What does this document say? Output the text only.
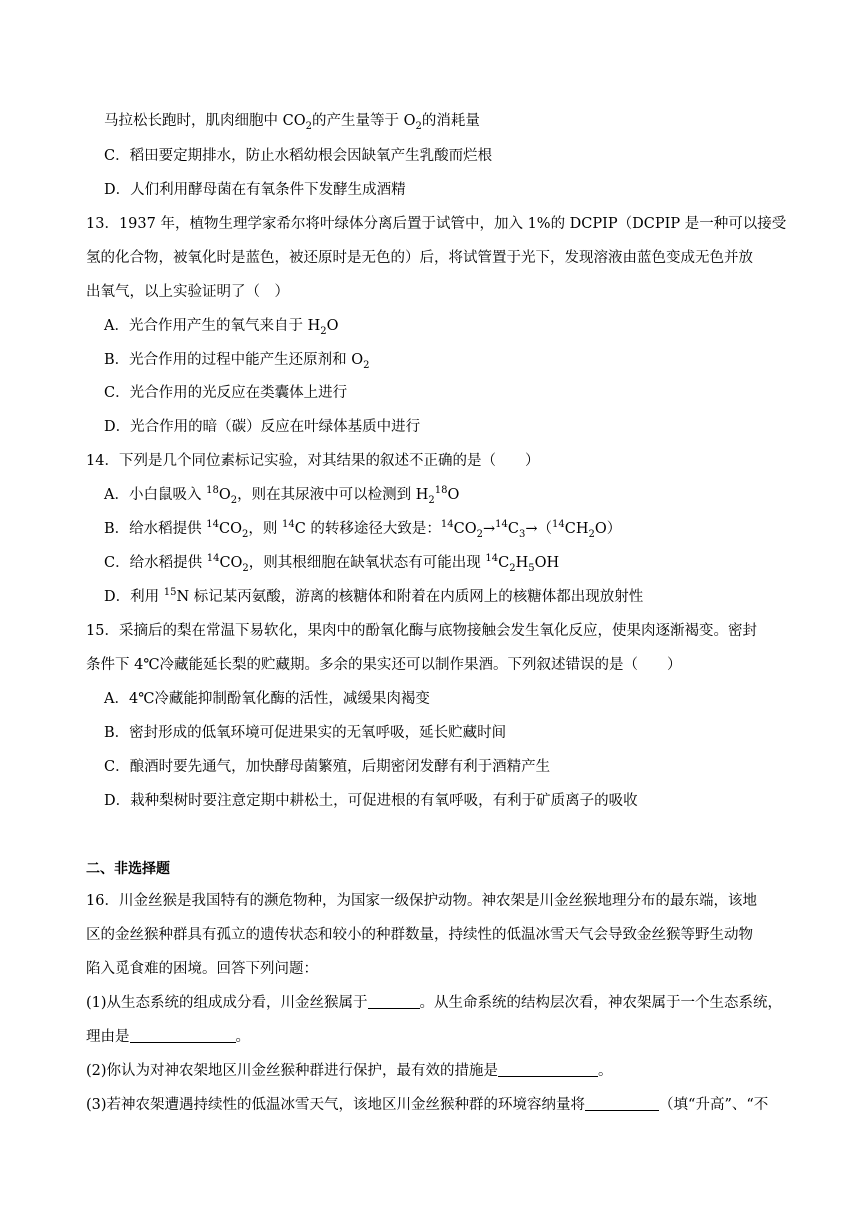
马拉松长跑时，肌肉细胞中 $CO_2$的产生量等于 $O_2$的消耗量
C．稻田要定期排水，防止水稻幼根会因缺氧产生乳酸而烂根
D．人们利用酵母菌在有氧条件下发酵生成酒精
13．1937 年，植物生理学家希尔将叶绿体分离后置于试管中，加入 1%的 DCPIP（DCPIP 是一种可以接受
氢的化合物，被氧化时是蓝色，被还原时是无色的）后，将试管置于光下，发现溶液由蓝色变成无色并放
出氧气，以上实验证明了（　）
A．光合作用产生的氧气来自于 $H_2O$
B．光合作用的过程中能产生还原剂和 $O_2$
C．光合作用的光反应在类囊体上进行
D．光合作用的暗（碳）反应在叶绿体基质中进行
14．下列是几个同位素标记实验，对其结果的叙述不正确的是（　　）
A．小白鼠吸入 $^{18}O_2$，则在其尿液中可以检测到 $H_2^{18}O$
B．给水稻提供 $^{14}CO_2$，则 $^{14}$C 的转移途径大致是：$^{14}CO_2\to^{14}C_3\to(^{14}CH_2O)$
C．给水稻提供 $^{14}CO_2$，则其根细胞在缺氧状态有可能出现 $^{14}C_2H_5OH$
D．利用 $^{15}$N 标记某丙氨酸，游离的核糖体和附着在内质网上的核糖体都出现放射性
15．采摘后的梨在常温下易软化，果肉中的酚氧化酶与底物接触会发生氧化反应，使果肉逐渐褐变。密封
条件下 4℃冷藏能延长梨的贮藏期。多余的果实还可以制作果酒。下列叙述错误的是（　　）
A．4℃冷藏能抑制酚氧化酶的活性，减缓果肉褐变
B．密封形成的低氧环境可促进果实的无氧呼吸，延长贮藏时间
C．酿酒时要先通气，加快酵母菌繁殖，后期密闭发酵有利于酒精产生
D．栽种梨树时要注意定期中耕松土，可促进根的有氧呼吸，有利于矿质离子的吸收
二、非选择题
16．川金丝猴是我国特有的濒危物种，为国家一级保护动物。神农架是川金丝猴地理分布的最东端，该地
区的金丝猴种群具有孤立的遗传状态和较小的种群数量，持续性的低温冰雪天气会导致金丝猴等野生动物
陷入觅食难的困境。回答下列问题：
(1)从生态系统的组成成分看，川金丝猴属于	。从生命系统的结构层次看，神农架属于一个生态系统，
理由是	。
(2)你认为对神农架地区川金丝猴种群进行保护，最有效的措施是	。
(3)若神农架遭遇持续性的低温冰雪天气，该地区川金丝猴种群的环境容纳量将	（填“升高”、“不
